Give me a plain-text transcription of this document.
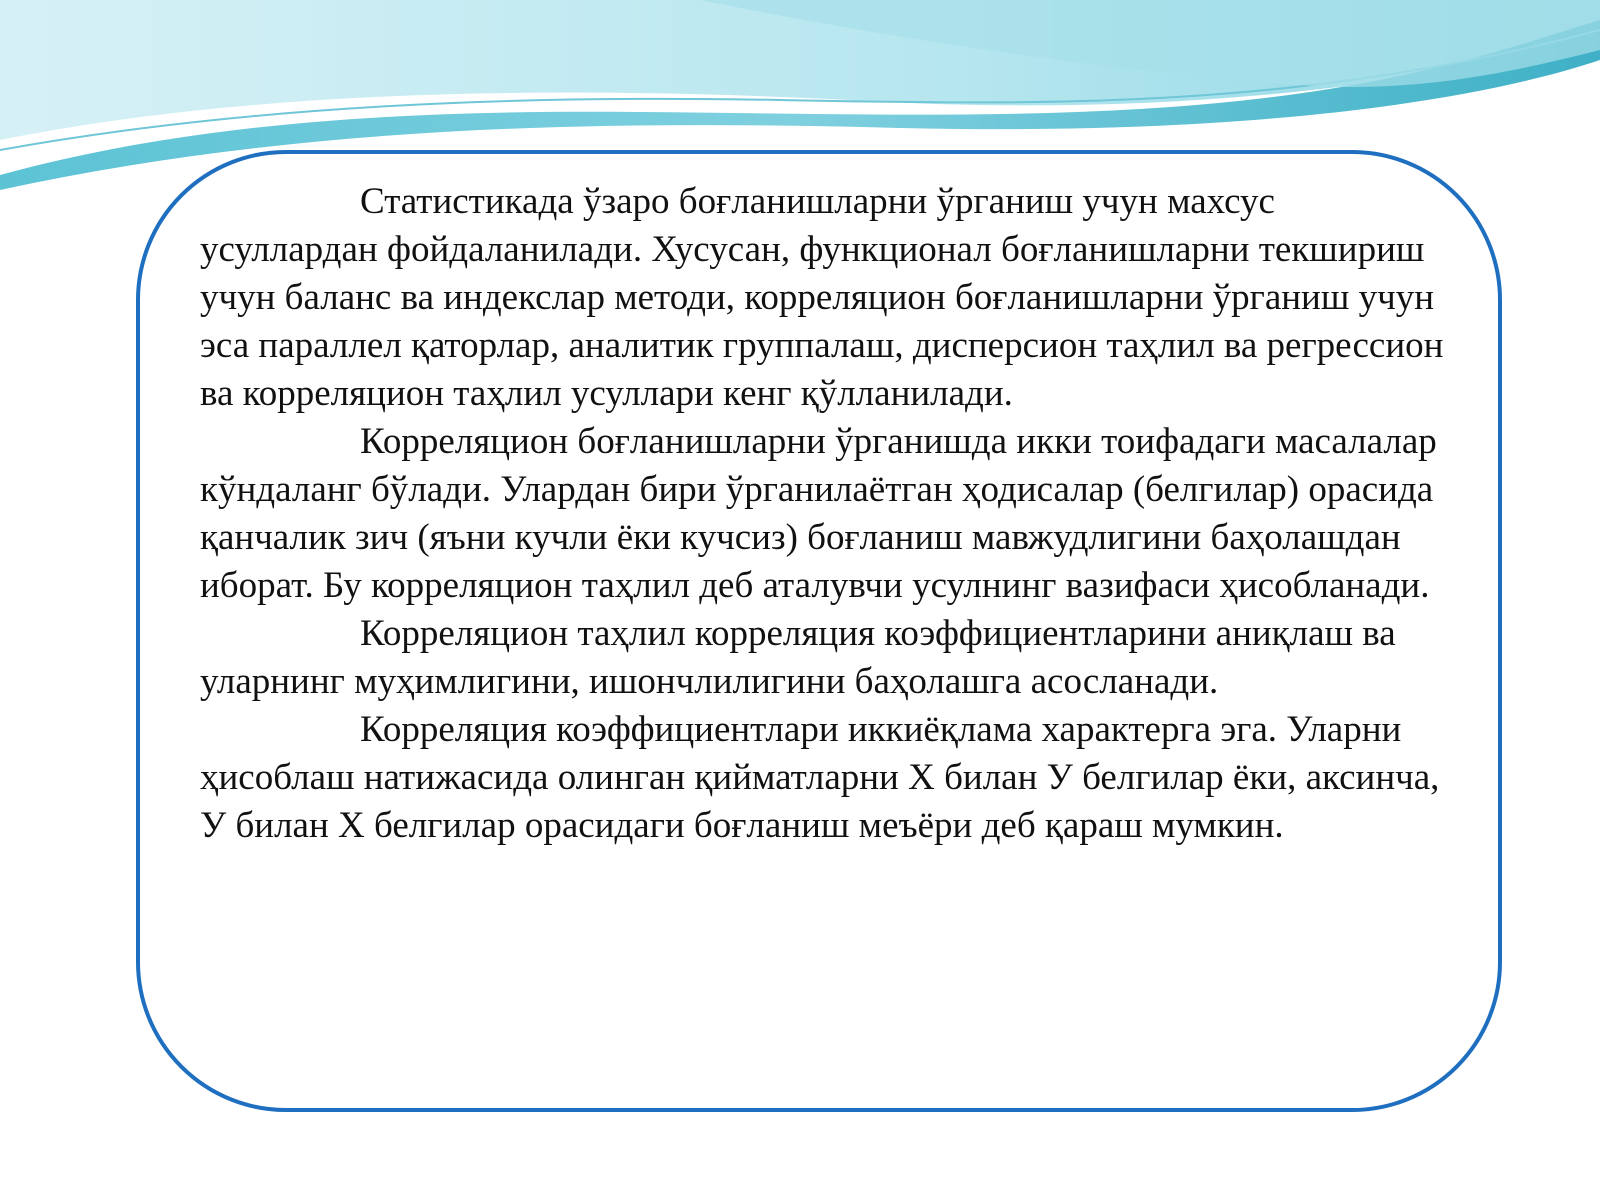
Статистикада ўзаро боғланишларни ўрганиш учун махсус усуллардан фойдаланилади. Хусусан, функционал боғланишларни текшириш учун баланс ва индекслар методи, корреляцион боғланишларни ўрганиш учун эса параллел қаторлар, аналитик группалаш, дисперсион таҳлил ва регрессион ва корреляцион таҳлил усуллари кенг қўлланилади.

Корреляцион боғланишларни ўрганишда икки тоифадаги масалалар кўндаланг бўлади. Улардан бири ўрганилаётган ҳодисалар (белгилар) орасида қанчалик зич (яъни кучли ёки кучсиз) боғланиш мавжудлигини баҳолашдан иборат. Бу корреляцион таҳлил деб аталувчи усулнинг вазифаси ҳисобланади.

Корреляцион таҳлил корреляция коэффициентларини аниқлаш ва уларнинг муҳимлигини, ишончлилигини баҳолашга асосланади.

Корреляция коэффициентлари иккиёқлама характерга эга. Уларни ҳисоблаш натижасида олинган қийматларни Х билан У белгилар ёки, аксинча, У билан Х белгилар орасидаги боғланиш меъёри деб қараш мумкин.
